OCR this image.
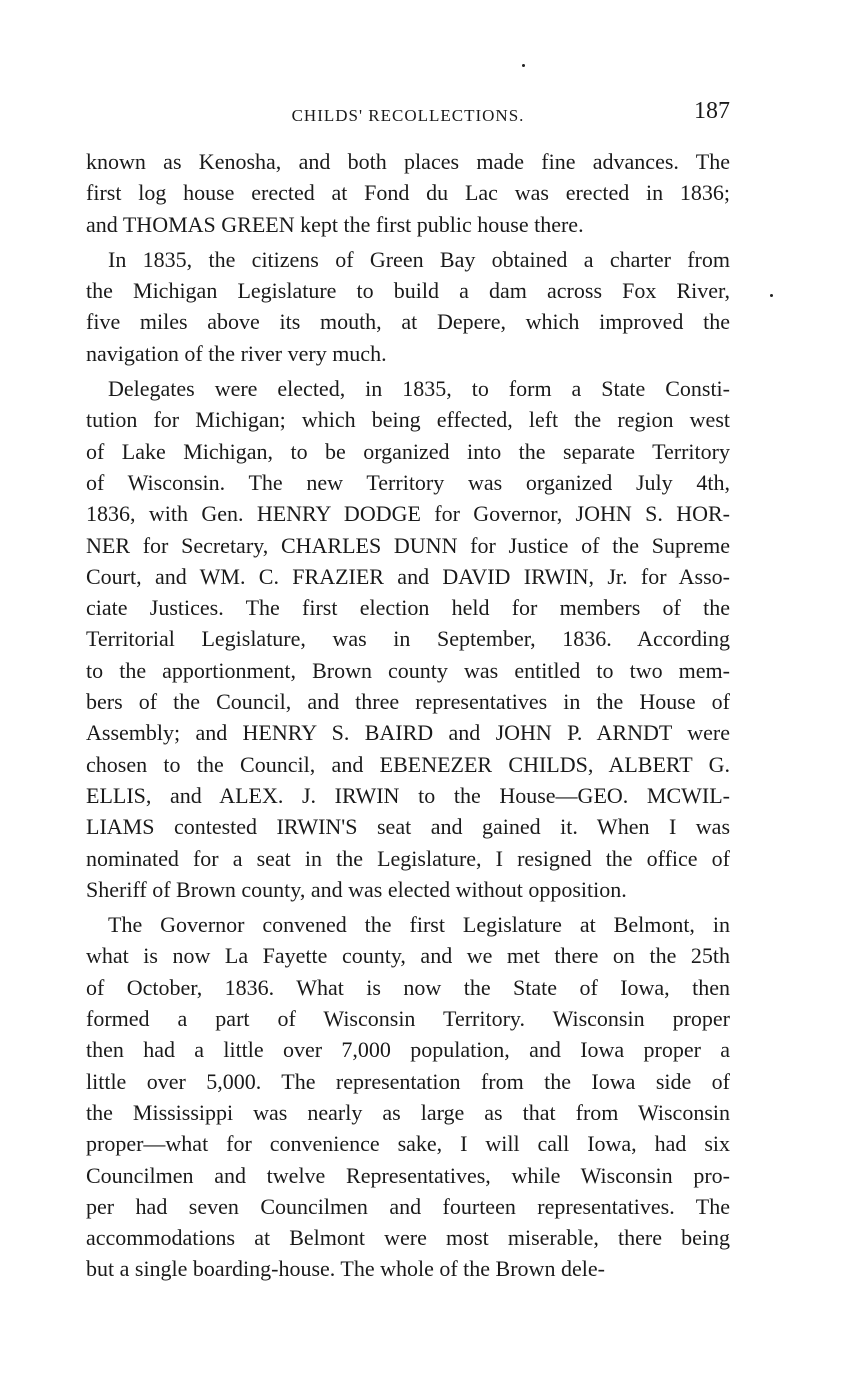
CHILDS' RECOLLECTIONS.	187
known as Kenosha, and both places made fine advances. The
first log house erected at Fond du Lac was erected in 1836;
and THOMAS GREEN kept the first public house there.
In 1835, the citizens of Green Bay obtained a charter from
the Michigan Legislature to build a dam across Fox River,
five miles above its mouth, at Depere, which improved the
navigation of the river very much.
Delegates were elected, in 1835, to form a State Consti-
tution for Michigan; which being effected, left the region west
of Lake Michigan, to be organized into the separate Territory
of Wisconsin. The new Territory was organized July 4th,
1836, with Gen. HENRY DODGE for Governor, JOHN S. HOR-
NER for Secretary, CHARLES DUNN for Justice of the Supreme
Court, and WM. C. FRAZIER and DAVID IRWIN, Jr. for Asso-
ciate Justices. The first election held for members of the
Territorial Legislature, was in September, 1836. According
to the apportionment, Brown county was entitled to two mem-
bers of the Council, and three representatives in the House of
Assembly; and HENRY S. BAIRD and JOHN P. ARNDT were
chosen to the Council, and EBENEZER CHILDS, ALBERT G.
ELLIS, and ALEX. J. IRWIN to the House—GEO. MCWIL-
LIAMS contested IRWIN'S seat and gained it. When I was
nominated for a seat in the Legislature, I resigned the office of
Sheriff of Brown county, and was elected without opposition.
The Governor convened the first Legislature at Belmont, in
what is now La Fayette county, and we met there on the 25th
of October, 1836. What is now the State of Iowa, then
formed a part of Wisconsin Territory. Wisconsin proper
then had a little over 7,000 population, and Iowa proper a
little over 5,000. The representation from the Iowa side of
the Mississippi was nearly as large as that from Wisconsin
proper—what for convenience sake, I will call Iowa, had six
Councilmen and twelve Representatives, while Wisconsin pro-
per had seven Councilmen and fourteen representatives. The
accommodations at Belmont were most miserable, there being
but a single boarding-house. The whole of the Brown dele-
